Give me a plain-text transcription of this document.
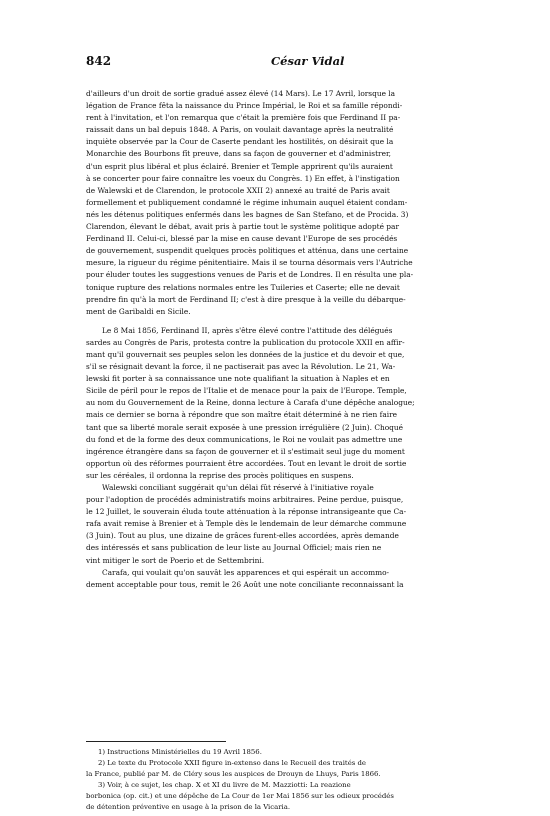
842	César Vidal

d'ailleurs d'un droit de sortie gradué assez élevé (14 Mars). Le 17 Avril, lorsque la
légation de France fêta la naissance du Prince Impérial, le Roi et sa famille répondi-
rent à l'invitation, et l'on remarqua que c'était la première fois que Ferdinand II pa-
raissait dans un bal depuis 1848. A Paris, on voulait davantage après la neutralité
inquiète observée par la Cour de Caserte pendant les hostilités, on désirait que la
Monarchie des Bourbons fît preuve, dans sa façon de gouverner et d'administrer,
d'un esprit plus libéral et plus éclairé. Brenier et Temple apprirent qu'ils auraient
à se concerter pour faire connaître les voeux du Congrès. 1) En effet, à l'instigation
de Walewski et de Clarendon, le protocole XXII 2) annexé au traité de Paris avait
formellement et publiquement condamné le régime inhumain auquel étaient condam-
nés les détenus politiques enfermés dans les bagnes de San Stefano, et de Procida. 3)
Clarendon, élevant le débat, avait pris à partie tout le système politique adopté par
Ferdinand II. Celui-ci, blessé par la mise en cause devant l'Europe de ses procédés
de gouvernement, suspendit quelques procès politiques et atténua, dans une certaine
mesure, la rigueur du régime pénitentiaire. Mais il se tourna désormais vers l'Autriche
pour éluder toutes les suggestions venues de Paris et de Londres. Il en résulta une pla-
tonique rupture des relations normales entre les Tuileries et Caserte; elle ne devait
prendre fin qu'à la mort de Ferdinand II; c'est à dire presque à la veille du débarque-
ment de Garibaldi en Sicile.

Le 8 Mai 1856, Ferdinand II, après s'être élevé contre l'attitude des délégués
sardes au Congrès de Paris, protesta contre la publication du protocole XXII en affir-
mant qu'il gouvernait ses peuples selon les données de la justice et du devoir et que,
s'il se résignait devant la force, il ne pactiserait pas avec la Révolution. Le 21, Wa-
lewski fit porter à sa connaissance une note qualifiant la situation à Naples et en
Sicile de péril pour le repos de l'Italie et de menace pour la paix de l'Europe. Temple,
au nom du Gouvernement de la Reine, donna lecture à Carafa d'une dépêche analogue;
mais ce dernier se borna à répondre que son maître était déterminé à ne rien faire
tant que sa liberté morale serait exposée à une pression irrégulière (2 Juin). Choqué
du fond et de la forme des deux communications, le Roi ne voulait pas admettre une
ingérence étrangère dans sa façon de gouverner et il s'estimait seul juge du moment
opportun où des réformes pourraient être accordées. Tout en levant le droit de sortie
sur les céréales, il ordonna la reprise des procès politiques en suspens.

Walewski conciliant suggérait qu'un délai fût réservé à l'initiative royale
pour l'adoption de procédés administratifs moins arbitraires. Peine perdue, puisque,
le 12 Juillet, le souverain éluda toute atténuation à la réponse intransigeante que Ca-
rafa avait remise à Brenier et à Temple dès le lendemain de leur démarche commune
(3 Juin). Tout au plus, une dizaine de grâces furent-elles accordées, après demande
des intéressés et sans publication de leur liste au Journal Officiel; mais rien ne
vint mitiger le sort de Poerio et de Settembrini.

Carafa, qui voulait qu'on sauvât les apparences et qui espérait un accommo-
dement acceptable pour tous, remit le 26 Août une note conciliante reconnaissant la

1) Instructions Ministérielles du 19 Avril 1856.

2) Le texte du Protocole XXII figure in-extenso dans le Recueil des traités de

la France, publié par M. de Cléry sous les auspices de Drouyn de Lhuys, Paris 1866.

3) Voir, à ce sujet, les chap. X et XI du livre de M. Mazziotti: La reazione

borbonica (op. cit.) et une dépêche de La Cour de 1er Mai 1856 sur les odieux procédés

de détention préventive en usage à la prison de la Vicaria.
